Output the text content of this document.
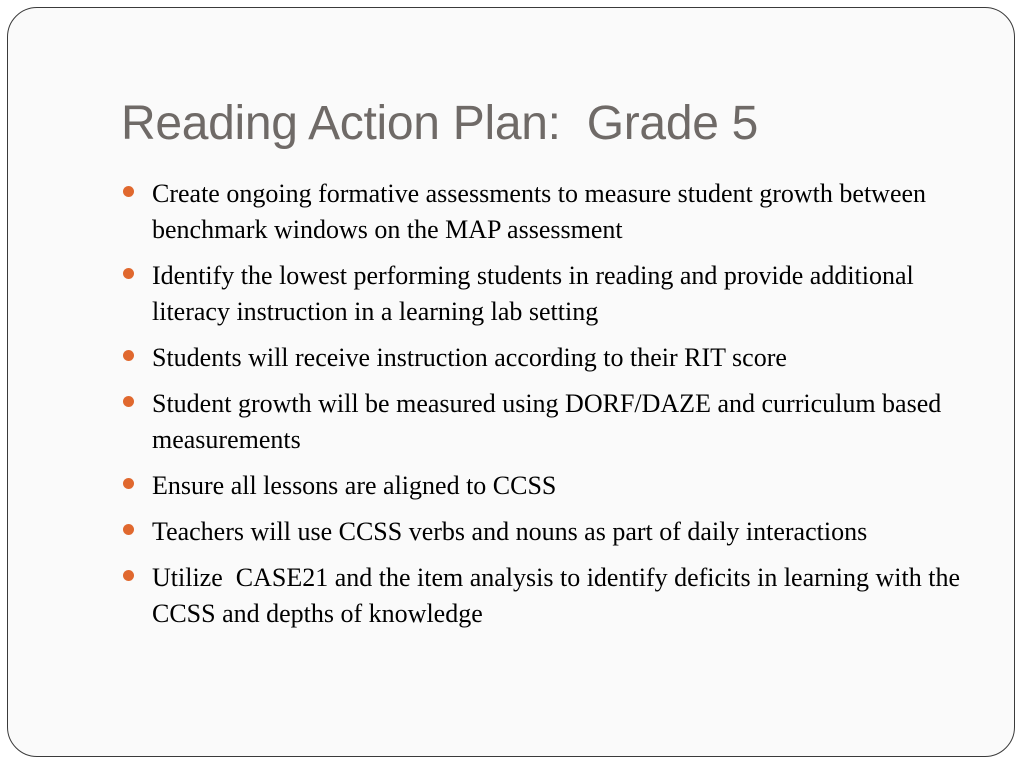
Reading Action Plan:  Grade 5
Create ongoing formative assessments to measure student growth between benchmark windows on the MAP assessment
Identify the lowest performing students in reading and provide additional literacy instruction in a learning lab setting
Students will receive instruction according to their RIT score
Student growth will be measured using DORF/DAZE and curriculum based measurements
Ensure all lessons are aligned to CCSS
Teachers will use CCSS verbs and nouns as part of daily interactions
Utilize  CASE21 and the item analysis to identify deficits in learning with the CCSS and depths of knowledge
